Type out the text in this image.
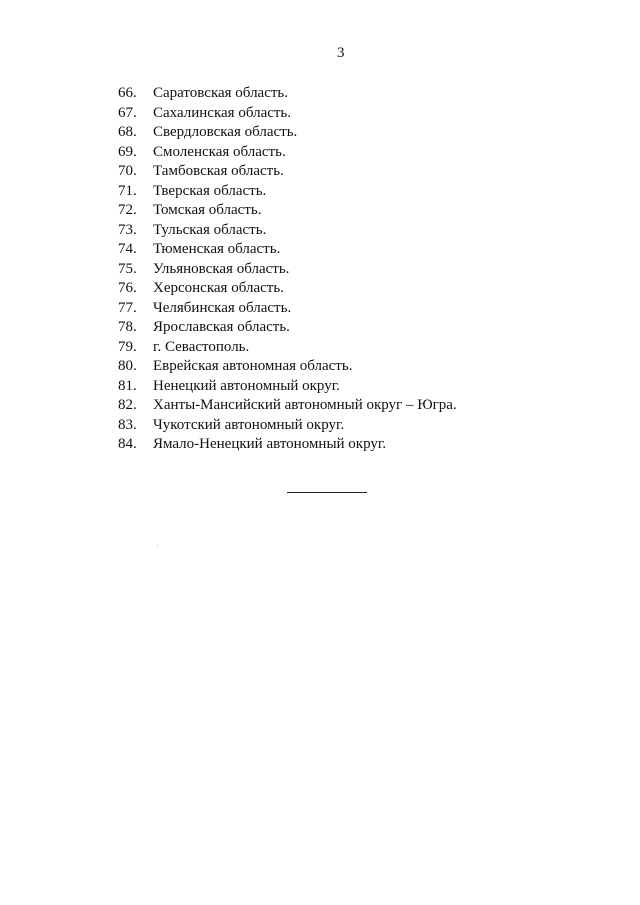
3
66.	Саратовская область.
67.	Сахалинская область.
68.	Свердловская область.
69.	Смоленская область.
70.	Тамбовская область.
71.	Тверская область.
72.	Томская область.
73.	Тульская область.
74.	Тюменская область.
75.	Ульяновская область.
76.	Херсонская область.
77.	Челябинская область.
78.	Ярославская область.
79.	г. Севастополь.
80.	Еврейская автономная область.
81.	Ненецкий автономный округ.
82.	Ханты-Мансийский автономный округ – Югра.
83.	Чукотский автономный округ.
84.	Ямало-Ненецкий автономный округ.
